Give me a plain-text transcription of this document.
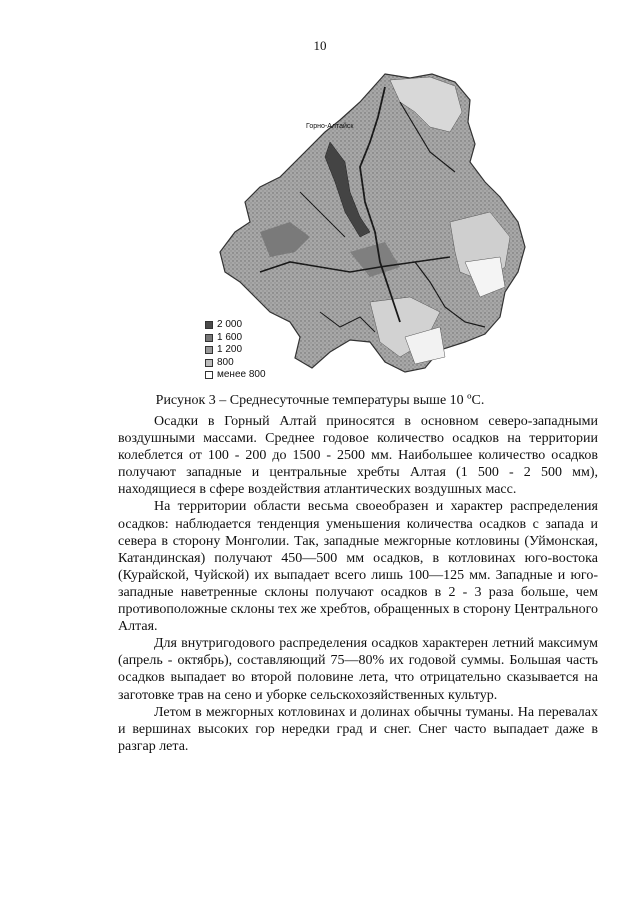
10
Горно-Алтайск
2 000
1 600
1 200
800
менее 800
Рисунок 3 – Среднесуточные температуры выше 10 ºС.

Осадки в Горный Алтай приносятся в основном северо-западными воздушными массами. Среднее годовое количество осадков на территории колеблется от 100 - 200 до 1500 - 2500 мм. Наибольшее количество осадков получают западные и центральные хребты Алтая (1 500 - 2 500 мм), находящиеся в сфере воздействия атлантических воздушных масс.

На территории области весьма своеобразен и характер распределения осадков: наблюдается тенденция уменьшения количества осадков с запада и севера в сторону Монголии. Так, западные межгорные котловины (Уймонская, Катандинская) получают 450—500 мм осадков, в котловинах юго-востока (Курайской, Чуйской) их выпадает всего лишь 100—125 мм. Западные и юго-западные наветренные склоны получают осадков в 2 - 3 раза больше, чем противоположные склоны тех же хребтов, обращенных в сторону Центрального Алтая.

Для внутригодового распределения осадков характерен летний максимум (апрель - октябрь), составляющий 75—80% их годовой суммы. Большая часть осадков выпадает во второй половине лета, что отрицательно сказывается на заготовке трав на сено и уборке сельскохозяйственных культур.

Летом в межгорных котловинах и долинах обычны туманы. На перевалах и вершинах высоких гор нередки град и снег. Снег часто выпадает даже в разгар лета.
